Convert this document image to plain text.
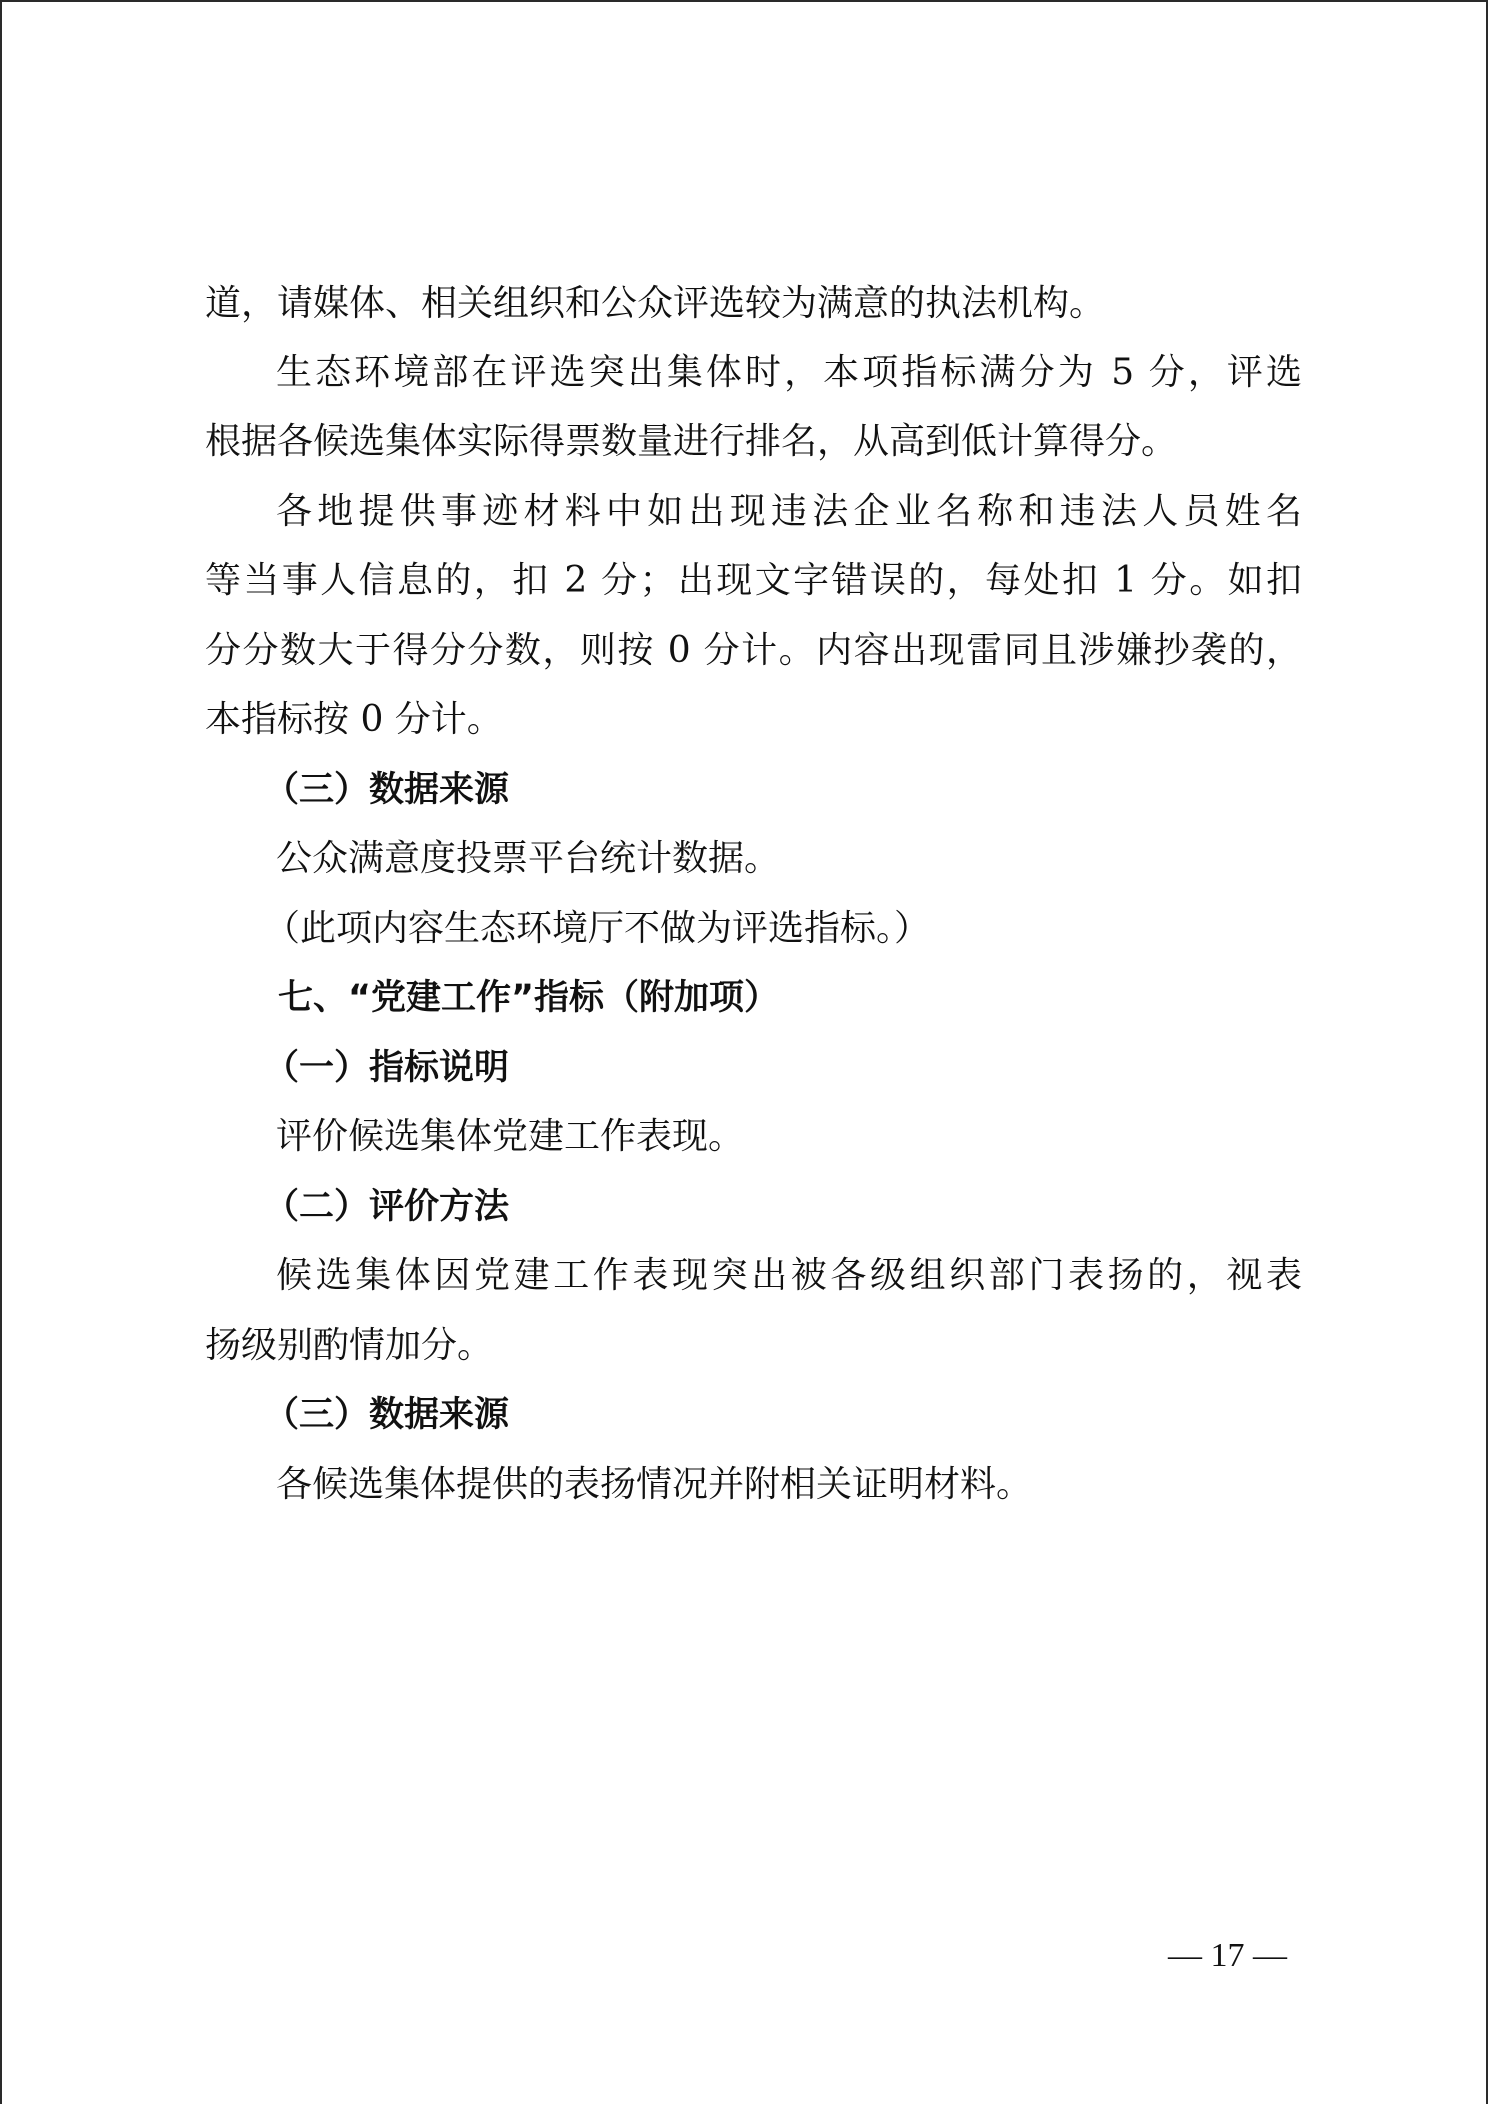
道，请媒体、相关组织和公众评选较为满意的执法机构。
生态环境部在评选突出集体时，本项指标满分为 5 分，评选
根据各候选集体实际得票数量进行排名，从高到低计算得分。
各地提供事迹材料中如出现违法企业名称和违法人员姓名
等当事人信息的，扣 2 分；出现文字错误的，每处扣 1 分。如扣
分分数大于得分分数，则按 0 分计。内容出现雷同且涉嫌抄袭的，
本指标按 0 分计。
（三）数据来源
公众满意度投票平台统计数据。
（此项内容生态环境厅不做为评选指标。）
七、“党建工作”指标（附加项）
（一）指标说明
评价候选集体党建工作表现。
（二）评价方法
候选集体因党建工作表现突出被各级组织部门表扬的，视表
扬级别酌情加分。
（三）数据来源
各候选集体提供的表扬情况并附相关证明材料。
— 17 —
